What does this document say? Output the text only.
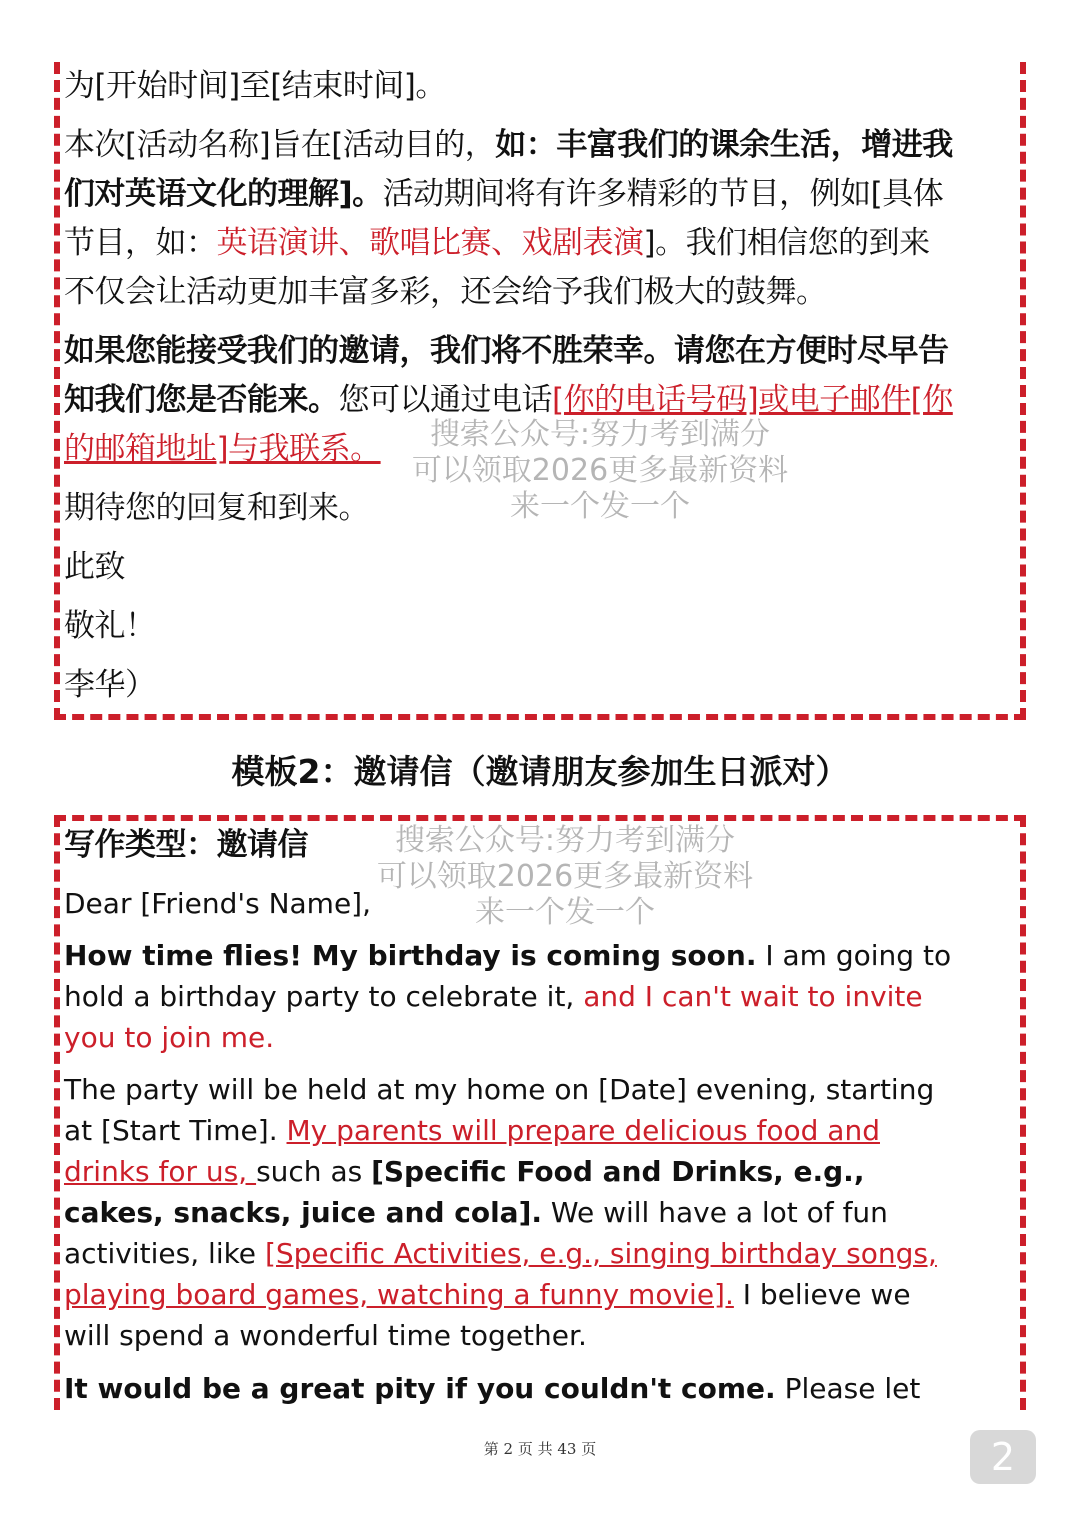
为[开始时间]至[结束时间]。
本次[活动名称]旨在[活动目的，如：丰富我们的课余生活，增进我
们对英语文化的理解]。活动期间将有许多精彩的节目，例如[具体
节目，如：英语演讲、歌唱比赛、戏剧表演]。我们相信您的到来
不仅会让活动更加丰富多彩，还会给予我们极大的鼓舞。
如果您能接受我们的邀请，我们将不胜荣幸。请您在方便时尽早告
知我们您是否能来。您可以通过电话[你的电话号码]或电子邮件[你
的邮箱地址]与我联系。
期待您的回复和到来。
此致
敬礼！
李华）
模板2：邀请信（邀请朋友参加生日派对）
写作类型：邀请信
Dear [Friend's Name],
How time flies! My birthday is coming soon. I am going to
hold a birthday party to celebrate it, and I can't wait to invite
you to join me.
The party will be held at my home on [Date] evening, starting
at [Start Time]. My parents will prepare delicious food and
drinks for us, such as [Specific Food and Drinks, e.g.,
cakes, snacks, juice and cola]. We will have a lot of fun
activities, like [Specific Activities, e.g., singing birthday songs,
playing board games, watching a funny movie]. I believe we
will spend a wonderful time together.
It would be a great pity if you couldn't come. Please let
搜索公众号:努力考到满分
可以领取2026更多最新资料
来一个发一个
搜索公众号:努力考到满分
可以领取2026更多最新资料
来一个发一个
第 2 页 共 43 页	2
